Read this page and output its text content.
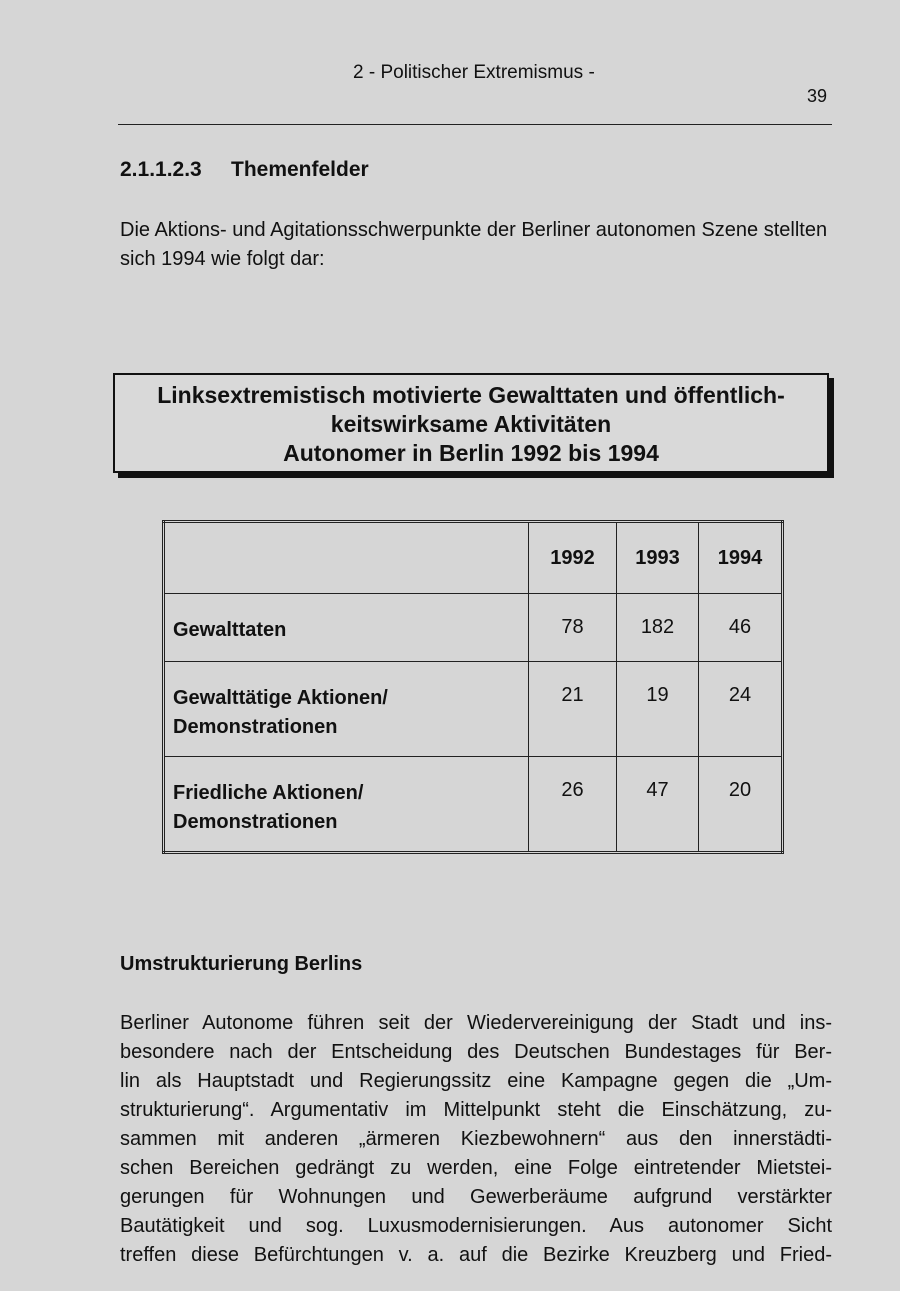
2 - Politischer Extremismus -
39
2.1.1.2.3 Themenfelder
Die Aktions- und Agitationsschwerpunkte der Berliner autonomen Szene stellten sich 1994 wie folgt dar:
Linksextremistisch motivierte Gewalttaten und öffentlich-
keitswirksame Aktivitäten
Autonomer in Berlin 1992 bis 1994
	1992	1993	1994
Gewalttaten	78	182	46
Gewalttätige Aktionen/
Demonstrationen	21	19	24
Friedliche Aktionen/
Demonstrationen	26	47	20
Umstrukturierung Berlins
Berliner Autonome führen seit der Wiedervereinigung der Stadt und ins-
besondere nach der Entscheidung des Deutschen Bundestages für Ber-
lin als Hauptstadt und Regierungssitz eine Kampagne gegen die „Um-
strukturierung“. Argumentativ im Mittelpunkt steht die Einschätzung, zu-
sammen mit anderen „ärmeren Kiezbewohnern“ aus den innerstädti-
schen Bereichen gedrängt zu werden, eine Folge eintretender Mietstei-
gerungen für Wohnungen und Gewerberäume aufgrund verstärkter
Bautätigkeit und sog. Luxusmodernisierungen. Aus autonomer Sicht
treffen diese Befürchtungen v. a. auf die Bezirke Kreuzberg und Fried-
